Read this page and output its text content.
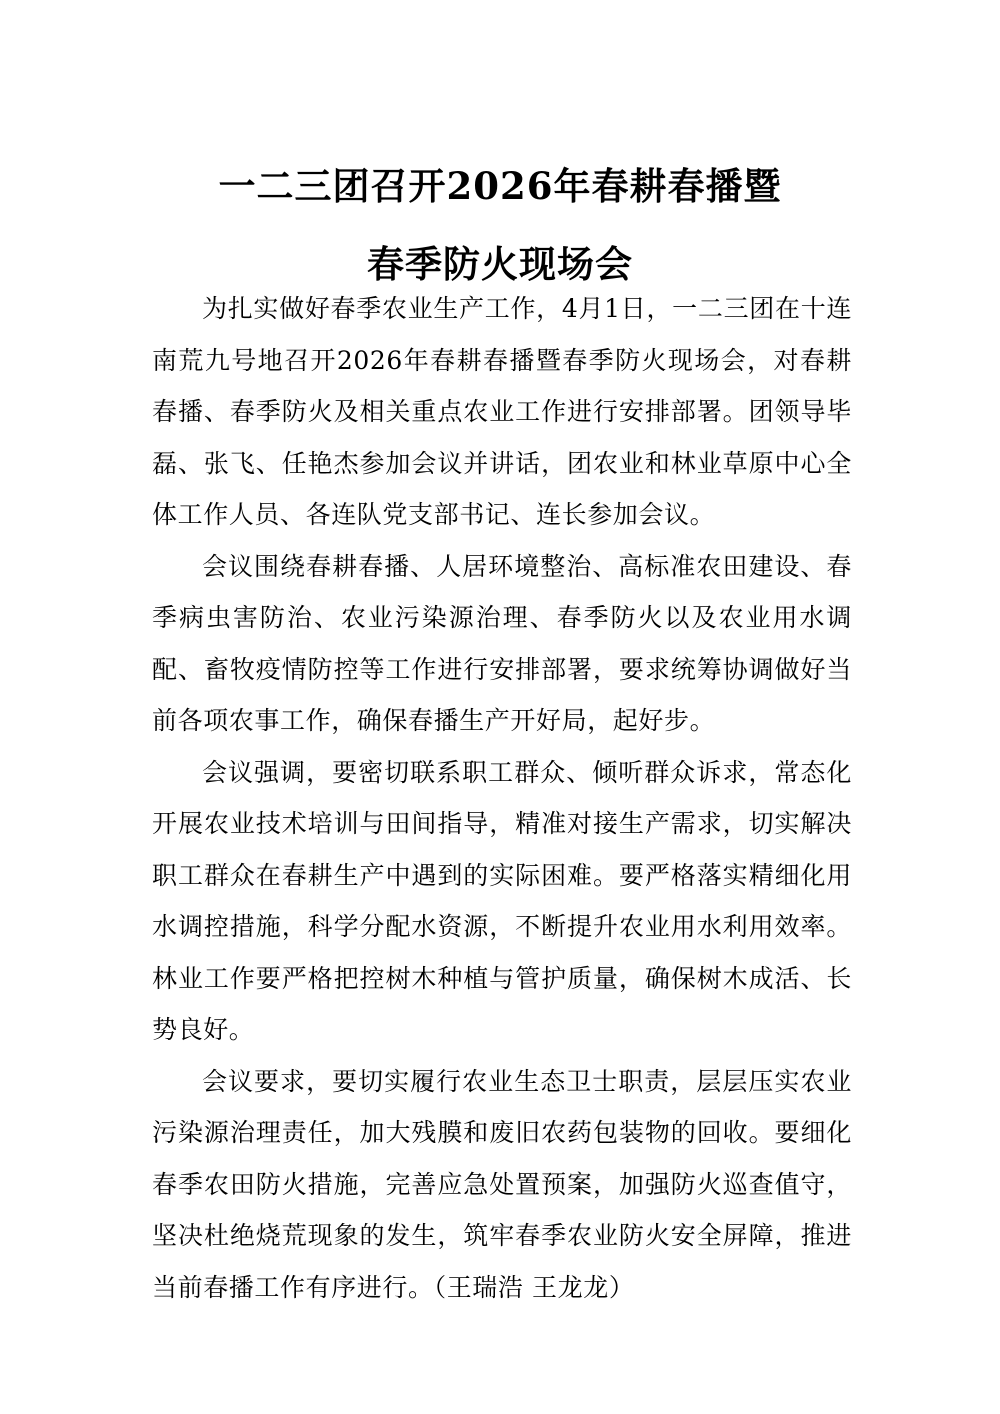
一二三团召开2026年春耕春播暨
春季防火现场会

为扎实做好春季农业生产工作，4月1日，一二三团在十连南荒九号地召开2026年春耕春播暨春季防火现场会，对春耕春播、春季防火及相关重点农业工作进行安排部署。团领导毕磊、张飞、任艳杰参加会议并讲话，团农业和林业草原中心全体工作人员、各连队党支部书记、连长参加会议。

会议围绕春耕春播、人居环境整治、高标准农田建设、春季病虫害防治、农业污染源治理、春季防火以及农业用水调配、畜牧疫情防控等工作进行安排部署，要求统筹协调做好当前各项农事工作，确保春播生产开好局，起好步。

会议强调，要密切联系职工群众、倾听群众诉求，常态化开展农业技术培训与田间指导，精准对接生产需求，切实解决职工群众在春耕生产中遇到的实际困难。要严格落实精细化用水调控措施，科学分配水资源，不断提升农业用水利用效率。林业工作要严格把控树木种植与管护质量，确保树木成活、长势良好。

会议要求，要切实履行农业生态卫士职责，层层压实农业污染源治理责任，加大残膜和废旧农药包装物的回收。要细化春季农田防火措施，完善应急处置预案，加强防火巡查值守，坚决杜绝烧荒现象的发生，筑牢春季农业防火安全屏障，推进当前春播工作有序进行。（王瑞浩 王龙龙）
